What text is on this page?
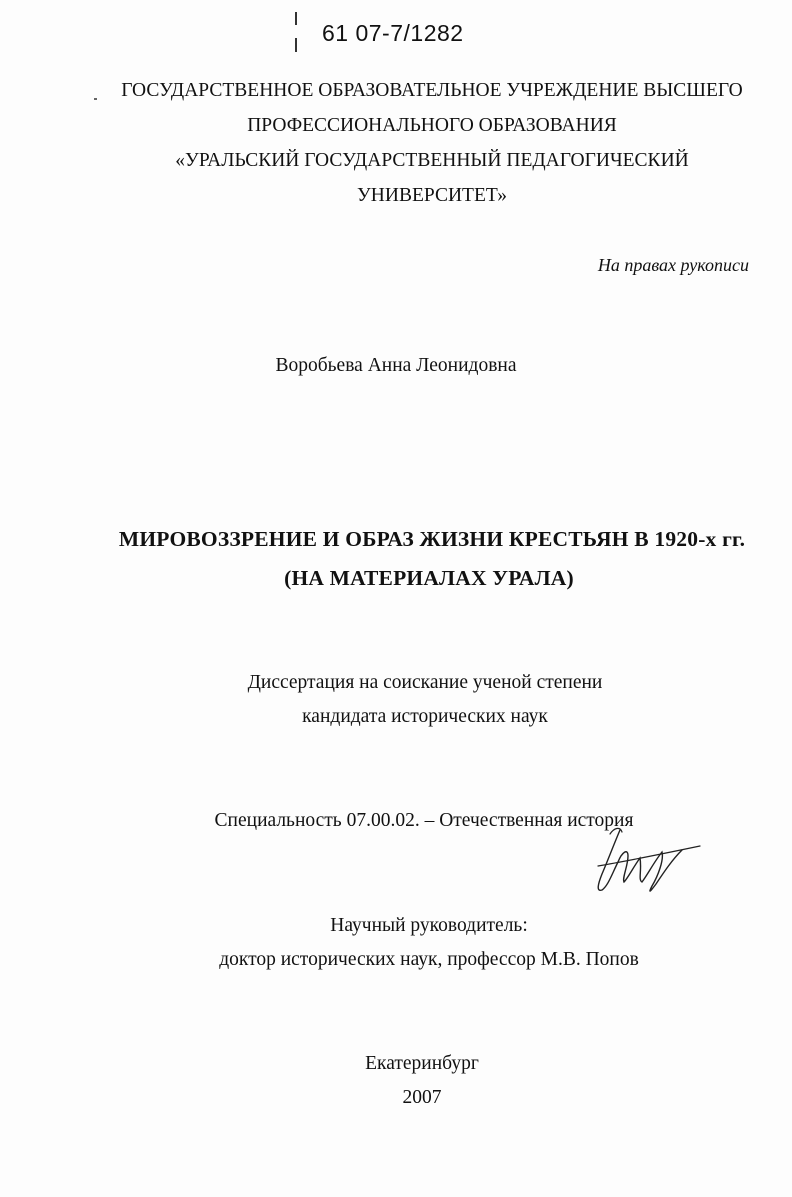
61 07-7/1282
ГОСУДАРСТВЕННОЕ ОБРАЗОВАТЕЛЬНОЕ УЧРЕЖДЕНИЕ ВЫСШЕГО
ПРОФЕССИОНАЛЬНОГО ОБРАЗОВАНИЯ
«УРАЛЬСКИЙ ГОСУДАРСТВЕННЫЙ ПЕДАГОГИЧЕСКИЙ
УНИВЕРСИТЕТ»
На правах рукописи
Воробьева Анна Леонидовна
МИРОВОЗЗРЕНИЕ И ОБРАЗ ЖИЗНИ КРЕСТЬЯН В 1920-х гг.
(НА МАТЕРИАЛАХ УРАЛА)
Диссертация на соискание ученой степени
кандидата исторических наук
Специальность 07.00.02. – Отечественная история
Научный руководитель:
доктор исторических наук, профессор М.В. Попов
Екатеринбург
2007
